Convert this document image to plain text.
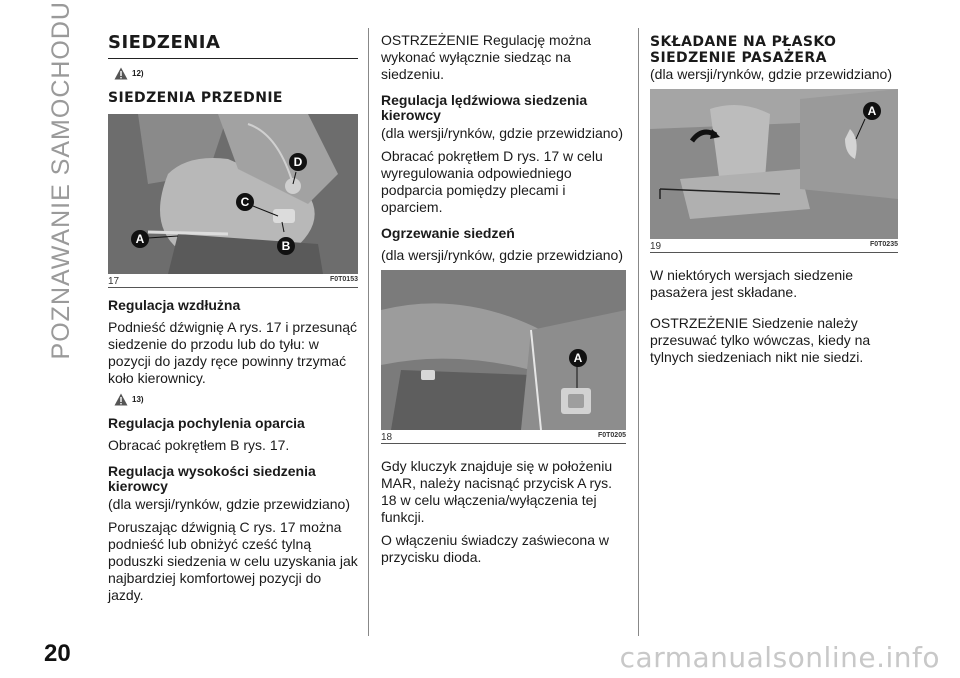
POZNAWANIE SAMOCHODU SIEDZENIA
12)
SIEDZENIA PRZEDNIE
A	B
C
D
17	F0T0153
Regulacja wzdłużna

Podnieść dźwignię A rys. 17 i przesunąć siedzenie do przodu lub do tyłu: w pozycji do jazdy ręce powinny trzymać koło kierownicy.

13)
Regulacja pochylenia oparcia

Obracać pokrętłem B rys. 17.

Regulacja wysokości siedzenia kierowcy

(dla wersji/rynków, gdzie przewidziano)

Poruszając dźwignią C rys. 17 można podnieść lub obniżyć cześć tylną poduszki siedzenia w celu uzyskania jak najbardziej komfortowej pozycji do jazdy.

OSTRZEŻENIE Regulację można wykonać wyłącznie siedząc na siedzeniu.

Regulacja lędźwiowa siedzenia kierowcy

(dla wersji/rynków, gdzie przewidziano)

Obracać pokrętłem D rys. 17 w celu wyregulowania odpowiedniego podparcia pomiędzy plecami i oparciem.

Ogrzewanie siedzeń

(dla wersji/rynków, gdzie przewidziano)

A
18	F0T0205

Gdy kluczyk znajduje się w położeniu MAR, należy nacisnąć przycisk A rys. 18 w celu włączenia/wyłączenia tej funkcji.

O włączeniu świadczy zaświecona w przycisku dioda.

SKŁADANE NA PŁASKO SIEDZENIE PASAŻERA

(dla wersji/rynków, gdzie przewidziano)

A
19	F0T0235

W niektórych wersjach siedzenie pasażera jest składane.

OSTRZEŻENIE Siedzenie należy przesuwać tylko wówczas, kiedy na tylnych siedzeniach nikt nie siedzi.

20	carmanualsonline.info
